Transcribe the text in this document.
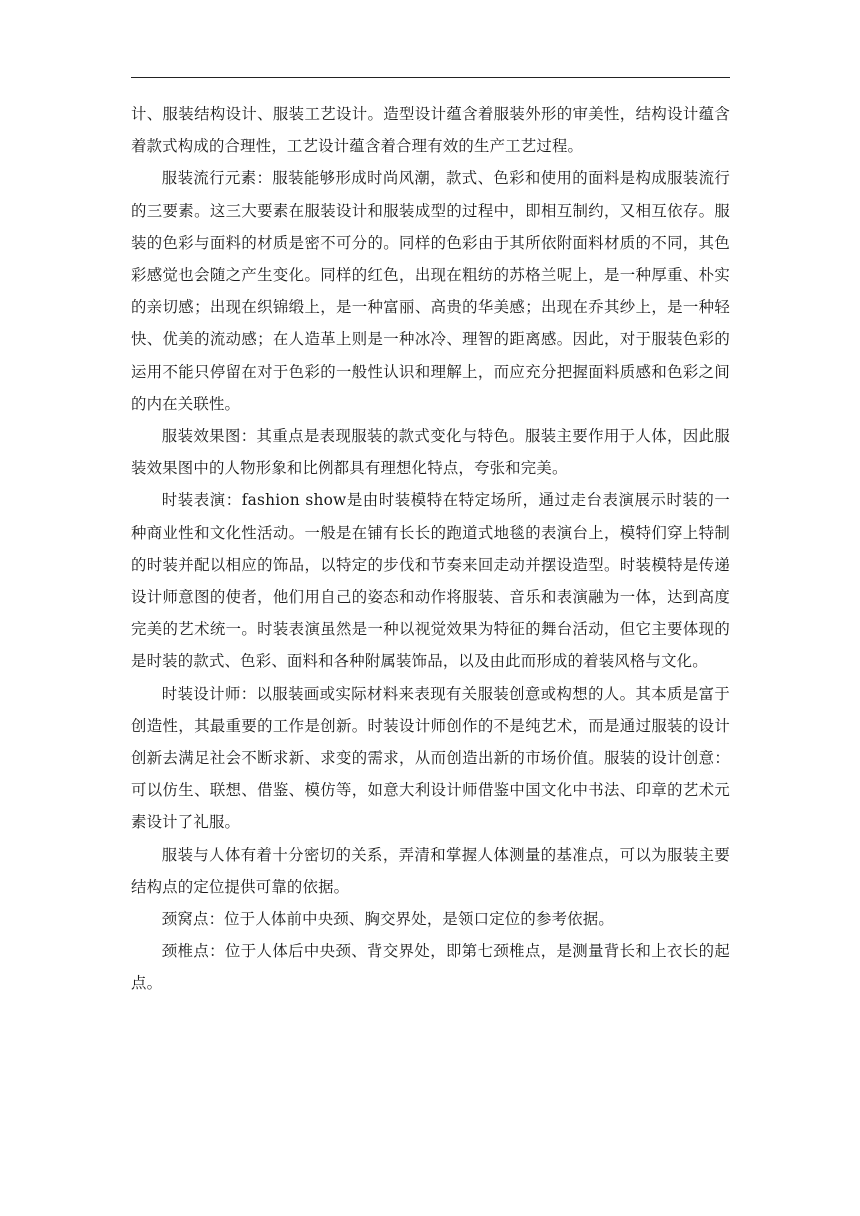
计、服装结构设计、服装工艺设计。造型设计蕴含着服装外形的审美性，结构设计蕴含着款式构成的合理性，工艺设计蕴含着合理有效的生产工艺过程。

服装流行元素：服装能够形成时尚风潮，款式、色彩和使用的面料是构成服装流行的三要素。这三大要素在服装设计和服装成型的过程中，即相互制约，又相互依存。服装的色彩与面料的材质是密不可分的。同样的色彩由于其所依附面料材质的不同，其色彩感觉也会随之产生变化。同样的红色，出现在粗纺的苏格兰呢上，是一种厚重、朴实的亲切感；出现在织锦缎上，是一种富丽、高贵的华美感；出现在乔其纱上，是一种轻快、优美的流动感；在人造革上则是一种冰冷、理智的距离感。因此，对于服装色彩的运用不能只停留在对于色彩的一般性认识和理解上，而应充分把握面料质感和色彩之间的内在关联性。

服装效果图：其重点是表现服装的款式变化与特色。服装主要作用于人体，因此服装效果图中的人物形象和比例都具有理想化特点，夸张和完美。

时装表演：fashion show是由时装模特在特定场所，通过走台表演展示时装的一种商业性和文化性活动。一般是在铺有长长的跑道式地毯的表演台上，模特们穿上特制的时装并配以相应的饰品，以特定的步伐和节奏来回走动并摆设造型。时装模特是传递设计师意图的使者，他们用自己的姿态和动作将服装、音乐和表演融为一体，达到高度完美的艺术统一。时装表演虽然是一种以视觉效果为特征的舞台活动，但它主要体现的是时装的款式、色彩、面料和各种附属装饰品，以及由此而形成的着装风格与文化。

时装设计师：以服装画或实际材料来表现有关服装创意或构想的人。其本质是富于创造性，其最重要的工作是创新。时装设计师创作的不是纯艺术，而是通过服装的设计创新去满足社会不断求新、求变的需求，从而创造出新的市场价值。服装的设计创意：可以仿生、联想、借鉴、模仿等，如意大利设计师借鉴中国文化中书法、印章的艺术元素设计了礼服。

服装与人体有着十分密切的关系，弄清和掌握人体测量的基准点，可以为服装主要结构点的定位提供可靠的依据。

颈窝点：位于人体前中央颈、胸交界处，是领口定位的参考依据。

颈椎点：位于人体后中央颈、背交界处，即第七颈椎点，是测量背长和上衣长的起点。
